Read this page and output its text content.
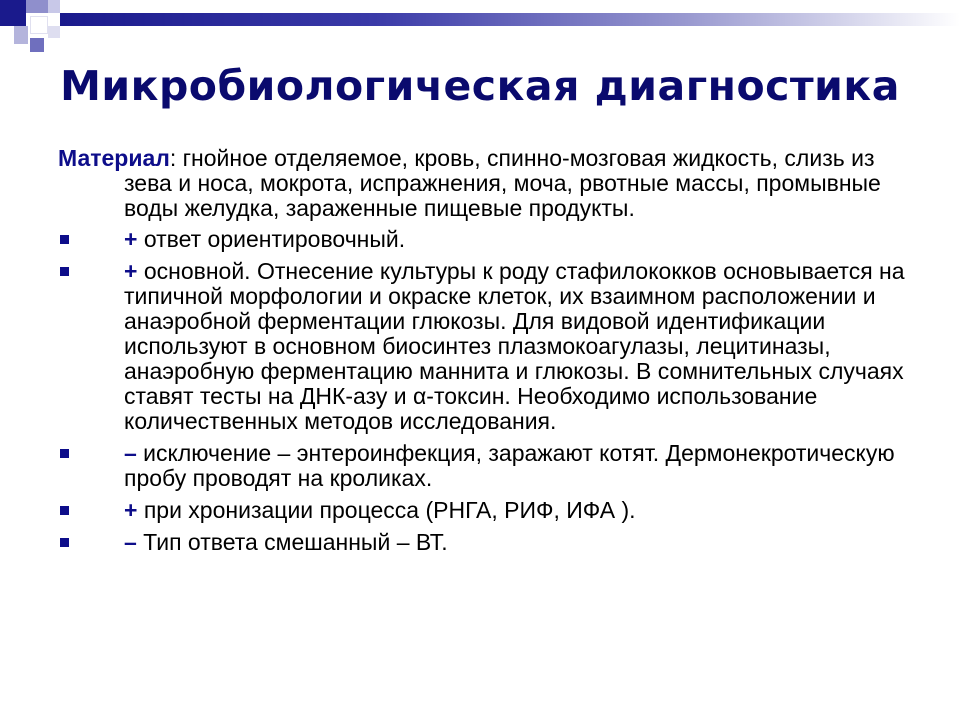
Микробиологическая диагностика

Материал: гнойное отделяемое, кровь, спинно-мозговая жидкость, слизь из зева и носа, мокрота, испражнения, моча, рвотные массы, промывные воды желудка, зараженные пищевые продукты.

+ ответ ориентировочный.
+ основной. Отнесение культуры к роду стафилококков основывается на типичной морфологии и окраске клеток, их взаимном расположении и анаэробной ферментации глюкозы. Для видовой идентификации используют в основном биосинтез плазмокоагулазы, лецитиназы, анаэробную ферментацию маннита и глюкозы. В сомнительных случаях ставят тесты на ДНК-азу и α-токсин. Необходимо использование количественных методов исследования.
– исключение – энтероинфекция, заражают котят. Дермонекротическую пробу проводят на кроликах.
+ при хронизации процесса (РНГА, РИФ, ИФА ).
– Тип ответа смешанный – ВТ.
